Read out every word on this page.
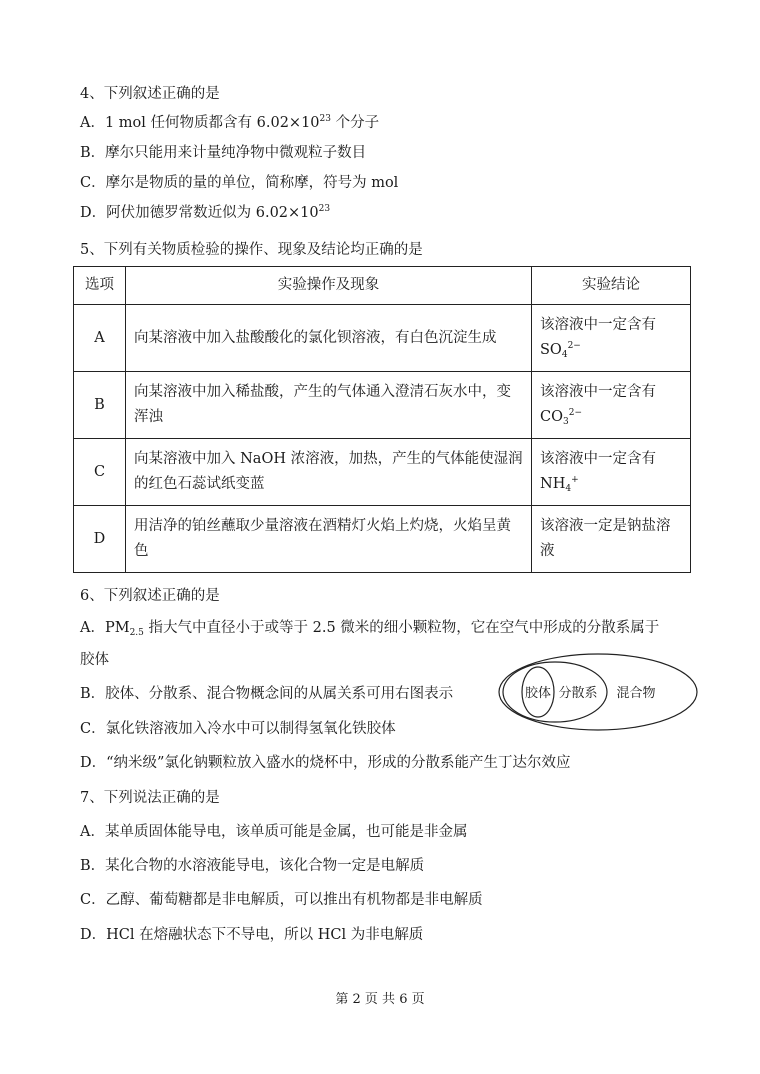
4、下列叙述正确的是
A．1 mol 任何物质都含有 $6.02\times 10^{23}$ 个分子
B．摩尔只能用来计量纯净物中微观粒子数目
C．摩尔是物质的量的单位，简称摩，符号为 mol
D．阿伏加德罗常数近似为 $6.02\times 10^{23}$
5、下列有关物质检验的操作、现象及结论均正确的是
选项	实验操作及现象	实验结论
A	向某溶液中加入盐酸酸化的氯化钡溶液，有白色沉淀生成	该溶液中一定含有
$SO_4^{2-}$
B	向某溶液中加入稀盐酸，产生的气体通入澄清石灰水中，变浑浊	该溶液中一定含有
$CO_3^{2-}$
C	向某溶液中加入 NaOH 浓溶液，加热，产生的气体能使湿润的红色石蕊试纸变蓝	该溶液中一定含有
$NH_4^+$
D	用洁净的铂丝蘸取少量溶液在酒精灯火焰上灼烧，火焰呈黄色	该溶液一定是钠盐溶液
6、下列叙述正确的是
A．$PM_{2.5}$ 指大气中直径小于或等于 2.5 微米的细小颗粒物，它在空气中形成的分散系属于
胶体
B．胶体、分散系、混合物概念间的从属关系可用右图表示	胶体 分散系 混合物
C．氯化铁溶液加入冷水中可以制得氢氧化铁胶体
D．“纳米级”氯化钠颗粒放入盛水的烧杯中，形成的分散系能产生丁达尔效应
7、下列说法正确的是
A．某单质固体能导电，该单质可能是金属，也可能是非金属
B．某化合物的水溶液能导电，该化合物一定是电解质
C．乙醇、葡萄糖都是非电解质，可以推出有机物都是非电解质
D．HCl 在熔融状态下不导电，所以 HCl 为非电解质
第 2 页 共 6 页
